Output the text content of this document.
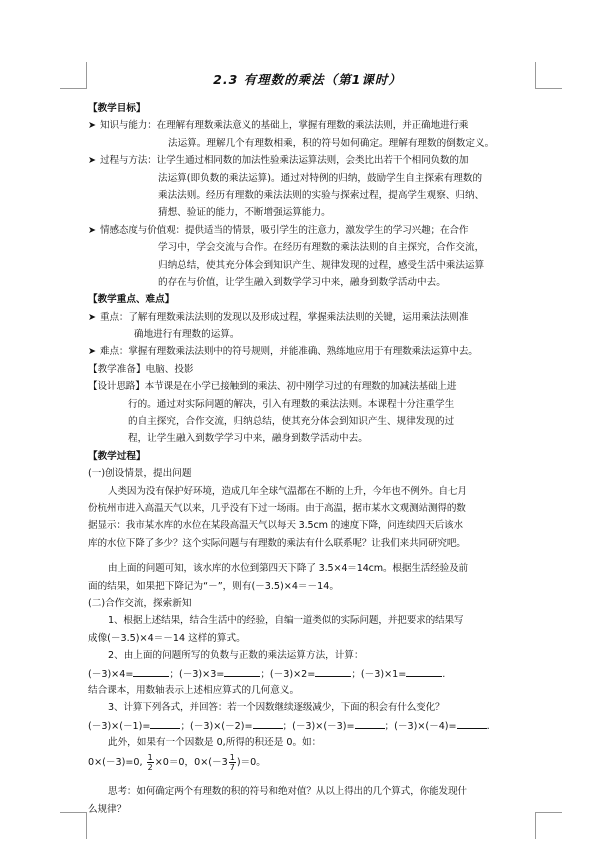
2.3 有理数的乘法（第1课时）
【教学目标】
➤ 知识与能力：在理解有理数乘法意义的基础上，掌握有理数的乘法法则，并正确地进行乘
法运算。理解几个有理数相乘，积的符号如何确定。理解有理数的倒数定义。
➤ 过程与方法：让学生通过相同数的加法性验乘法运算法则，会类比出若干个相同负数的加
法运算(即负数的乘法运算)。通过对特例的归纳，鼓励学生自主探索有理数的
乘法法则。经历有理数的乘法法则的实验与探索过程，提高学生观察、归纳、
猜想、验证的能力，不断增强运算能力。
➤ 情感态度与价值观：提供适当的情景，吸引学生的注意力，激发学生的学习兴趣；在合作
学习中，学会交流与合作。在经历有理数的乘法法则的自主探究，合作交流，
归纳总结，使其充分体会到知识产生、规律发现的过程，感受生活中乘法运算
的存在与价值，让学生融入到数学学习中来，融身到数学活动中去。
【教学重点、难点】
➤ 重点：了解有理数乘法法则的发现以及形成过程，掌握乘法法则的关键，运用乘法法则准
确地进行有理数的运算。
➤ 难点：掌握有理数乘法法则中的符号规则，并能准确、熟练地应用于有理数乘法运算中去。
【教学准备】电脑、投影
【设计思路】本节课是在小学已接触到的乘法、初中刚学习过的有理数的加减法基础上进
行的。通过对实际问题的解决，引入有理数的乘法法则。本课程十分注重学生
的自主探究，合作交流，归纳总结，使其充分体会到知识产生、规律发现的过
程，让学生融入到数学学习中来，融身到数学活动中去。
【教学过程】
(一)创设情景，提出问题
人类因为没有保护好环境，造成几年全球气温都在不断的上升，今年也不例外。自七月
份杭州市进入高温天气以来，几乎没有下过一场雨。由于高温，据市某水文观测站测得的数
据显示：我市某水库的水位在某段高温天气以每天 3.5cm 的速度下降，问连续四天后该水
库的水位下降了多少？这个实际问题与有理数的乘法有什么联系呢？让我们来共同研究吧。
由上面的问题可知，该水库的水位到第四天下降了 3.5×4＝14cm。根据生活经验及前
面的结果，如果把下降记为“－”，则有(－3.5)×4＝－14。
(二)合作交流，探索新知
1、根据上述结果，结合生活中的经验，自编一道类似的实际问题，并把要求的结果写
成像(－3.5)×4＝－14 这样的算式。
2、由上面的问题所写的负数与正数的乘法运算方法，计算：
(－3)×4=	；(－3)×3=	；(－3)×2=	；(－3)×1=	.
结合课本，用数轴表示上述相应算式的几何意义。
3、计算下列各式，并回答：若一个因数继续逐级减少，下面的积会有什么变化？
(－3)×(－1)=	；(－3)×(－2)=	；(－3)×(－3)=	；(－3)×(－4)=	.
此外，如果有一个因数是 0,所得的积还是 0。如：
0×(－3)=0, $\frac{1}{2} \times 0=0$，$0\times(-3 \frac{1}{7} )=0$。
思考：如何确定两个有理数的积的符号和绝对值？从以上得出的几个算式，你能发现什
么规律？
